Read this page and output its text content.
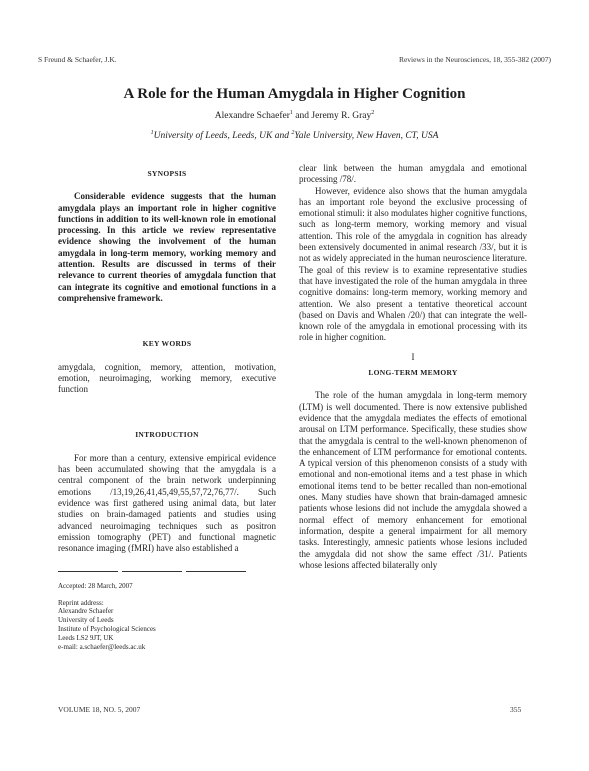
S Freund & Schaefer, J.K.	Reviews in the Neurosciences, 18, 355-382 (2007)
A Role for the Human Amygdala in Higher Cognition
Alexandre Schaefer$^1$ and Jeremy R. Gray$^2$
$^1$University of Leeds, Leeds, UK and $^2$Yale University, New Haven, CT, USA
SYNOPSIS

Considerable evidence suggests that the human amygdala plays an important role in higher cognitive functions in addition to its well-known role in emotional processing. In this article we review representative evidence showing the involvement of the human amygdala in long-term memory, working memory and attention. Results are discussed in terms of their relevance to current theories of amygdala function that can integrate its cognitive and emotional functions in a comprehensive framework.

KEY WORDS

amygdala, cognition, memory, attention, motivation, emotion, neuroimaging, working memory, executive function

INTRODUCTION

For more than a century, extensive empirical evidence has been accumulated showing that the amygdala is a central component of the brain network underpinning emotions /13,19,26,41,45,49,55,57,72,76,77/. Such evidence was first gathered using animal data, but later studies on brain-damaged patients and studies using advanced neuroimaging techniques such as positron emission tomography (PET) and functional magnetic resonance imaging (fMRI) have also established a

Accepted: 28 March, 2007
Reprint address:
Alexandre Schaefer
University of Leeds
Institute of Psychological Sciences
Leeds LS2 9JT, UK
e-mail: a.schaefer@leeds.ac.uk

clear link between the human amygdala and emotional processing /78/.

However, evidence also shows that the human amygdala has an important role beyond the exclusive processing of emotional stimuli: it also modulates higher cognitive functions, such as long-term memory, working memory and visual attention. This role of the amygdala in cognition has already been extensively documented in animal research /33/, but it is not as widely appreciated in the human neuroscience literature. The goal of this review is to examine representative studies that have investigated the role of the human amygdala in three cognitive domains: long-term memory, working memory and attention. We also present a tentative theoretical account (based on Davis and Whalen /20/) that can integrate the well-known role of the amygdala in emotional processing with its role in higher cognition.

I
LONG-TERM MEMORY

The role of the human amygdala in long-term memory (LTM) is well documented. There is now extensive published evidence that the amygdala mediates the effects of emotional arousal on LTM performance. Specifically, these studies show that the amygdala is central to the well-known phenomenon of the enhancement of LTM performance for emotional contents. A typical version of this phenomenon consists of a study with emotional and non-emotional items and a test phase in which emotional items tend to be better recalled than non-emotional ones. Many studies have shown that brain-damaged amnesic patients whose lesions did not include the amygdala showed a normal effect of memory enhancement for emotional information, despite a general impairment for all memory tasks. Interestingly, amnesic patients whose lesions included the amygdala did not show the same effect /31/. Patients whose lesions affected bilaterally only

VOLUME 18, NO. 5, 2007	355
